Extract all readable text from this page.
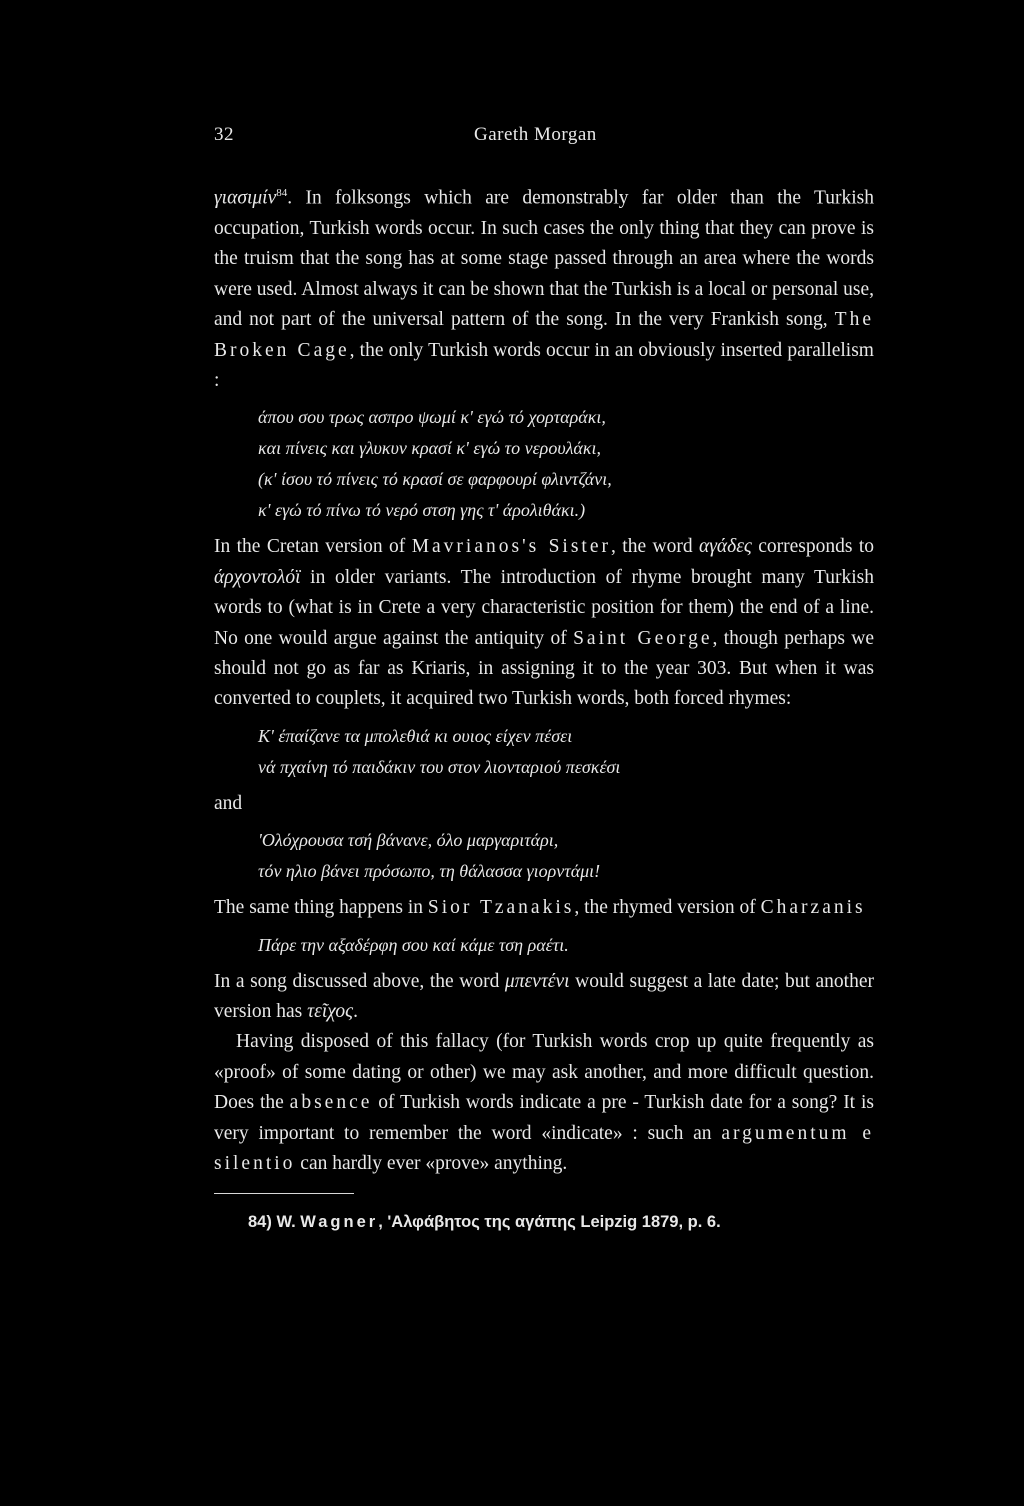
32	Gareth Morgan

γιασιμίν$^{84}$. In folksongs which are demonstrably far older than the Turkish occupation, Turkish words occur. In such cases the only thing that they can prove is the truism that the song has at some stage passed through an area where the words were used. Almost always it can be shown that the Turkish is a local or personal use, and not part of the universal pattern of the song. In the very Frankish song, The Broken Cage, the only Turkish words occur in an obviously inserted parallelism :

άπου σου τρως ασπρο ψωμί κ' εγώ τό χορταράκι,
και πίνεις και γλυκυν κρασί κ' εγώ το νερουλάκι,
(κ' ίσου τό πίνεις τό κρασί σε φαρφουρί φλιντζάνι,
κ' εγώ τό πίνω τό νερό στση γης τ' άρολιθάκι.)

In the Cretan version of Mavrianos's Sister, the word αγάδες corresponds to άρχοντολόϊ in older variants. The introduction of rhyme brought many Turkish words to (what is in Crete a very characteristic position for them) the end of a line. No one would argue against the antiquity of Saint George, though perhaps we should not go as far as Kriaris, in assigning it to the year 303. But when it was converted to couplets, it acquired two Turkish words, both forced rhymes:

Κ' έπαίζανε τα μπολεθιά κι ουιος είχεν πέσει
νά πχαίνη τό παιδάκιν του στον λιονταριού πεσκέσι

and

'Ολόχρουσα τσή βάνανε, όλο μαργαριτάρι,
τόν ηλιο βάνει πρόσωπο, τη θάλασσα γιορντάμι!

The same thing happens in Sior Tzanakis, the rhymed version of Charzanis

Πάρε την αξαδέρφη σου καί κάμε τση ραέτι.

In a song discussed above, the word μπεντένι would suggest a late date; but another version has τεῖχος.

Having disposed of this fallacy (for Turkish words crop up quite frequently as «proof» of some dating or other) we may ask another, and more difficult question. Does the absence of Turkish words indicate a pre - Turkish date for a song? It is very important to remember the word «indicate» : such an argumentum e silentio can hardly ever «prove» anything.

84) W. Wagner, 'Αλφάβητος της αγάπης Leipzig 1879, p. 6.
